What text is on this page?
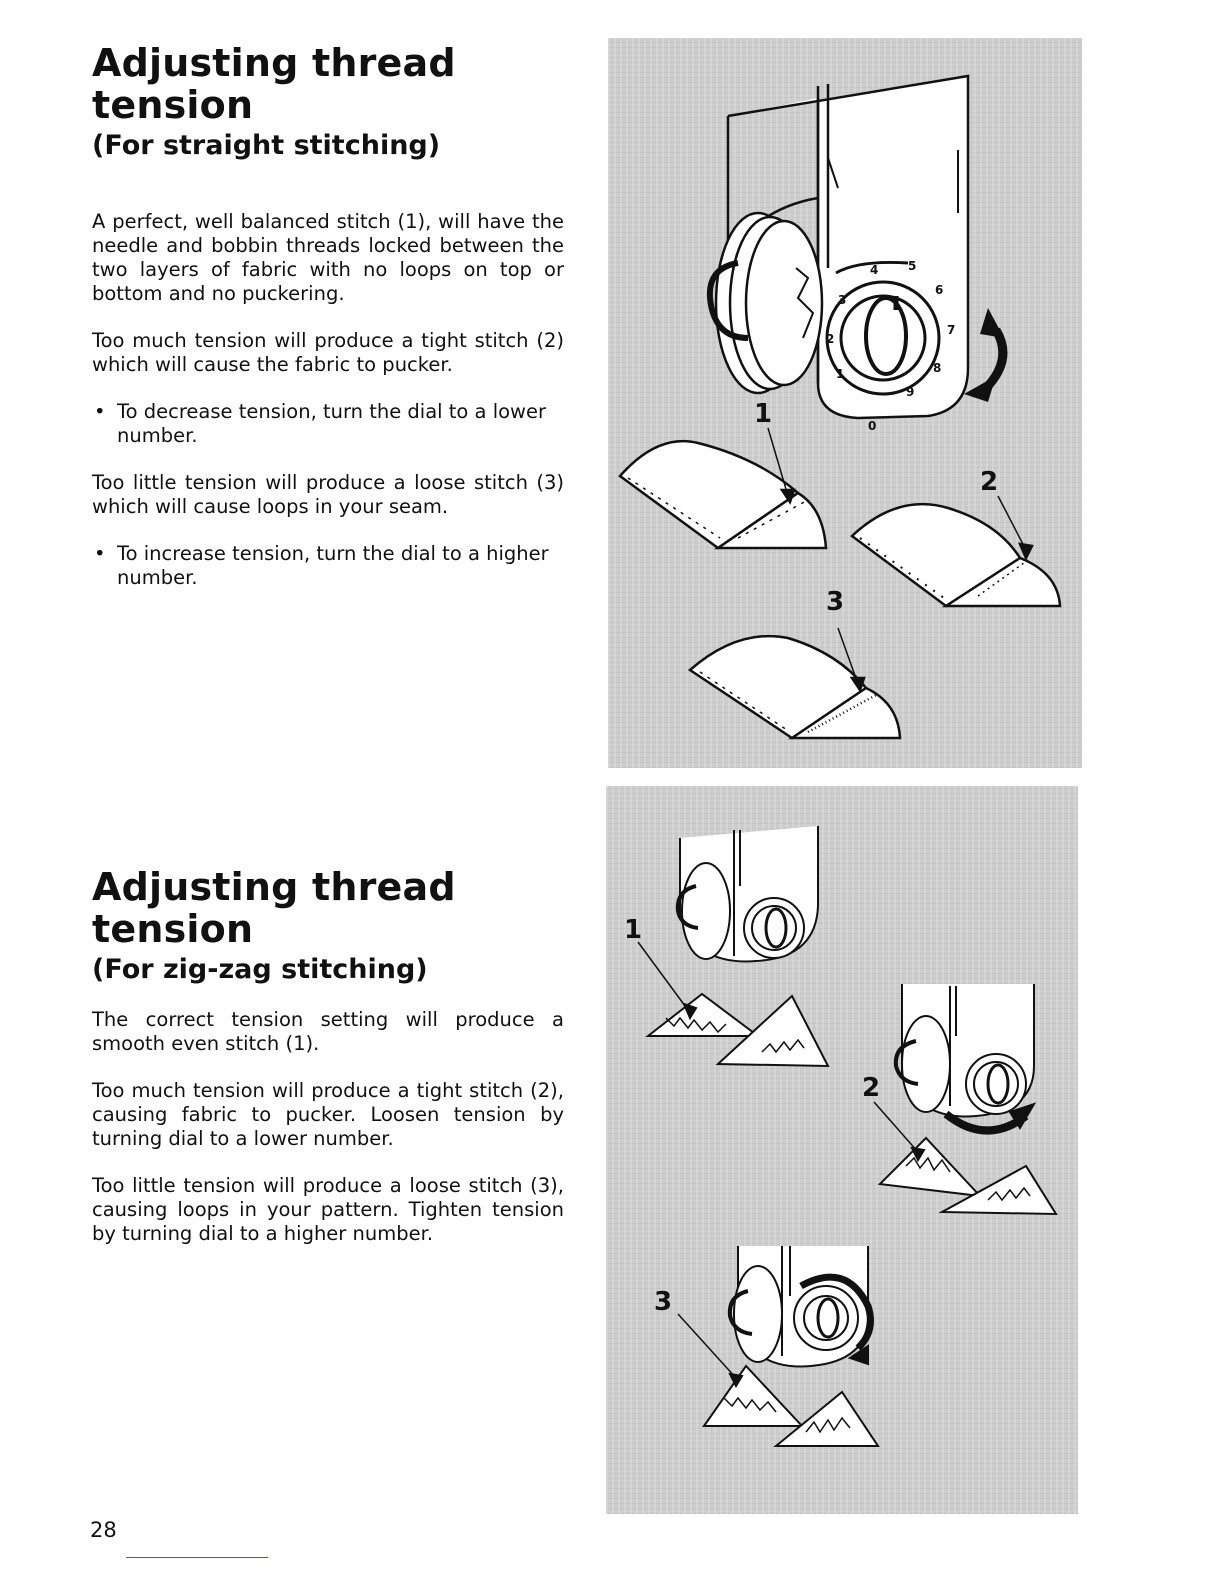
Adjusting thread tension
(For straight stitching)

A perfect, well balanced stitch (1), will have the needle and bobbin threads locked between the two layers of fabric with no loops on top or bottom and no puckering.

Too much tension will produce a tight stitch (2) which will cause the fabric to pucker.

• To decrease tension, turn the dial to a lower number.

Too little tension will produce a loose stitch (3) which will cause loops in your seam.

• To increase tension, turn the dial to a higher number.
Adjusting thread tension
(For zig-zag stitching)

The correct tension setting will produce a smooth even stitch (1).

Too much tension will produce a tight stitch (2), causing fabric to pucker. Loosen tension by turning dial to a lower number.

Too little tension will produce a loose stitch (3), causing loops in your pattern. Tighten tension by turning dial to a higher number.

0
1
2
3
4 5
6
7
8
9
1
2
3
1
2
3
28
